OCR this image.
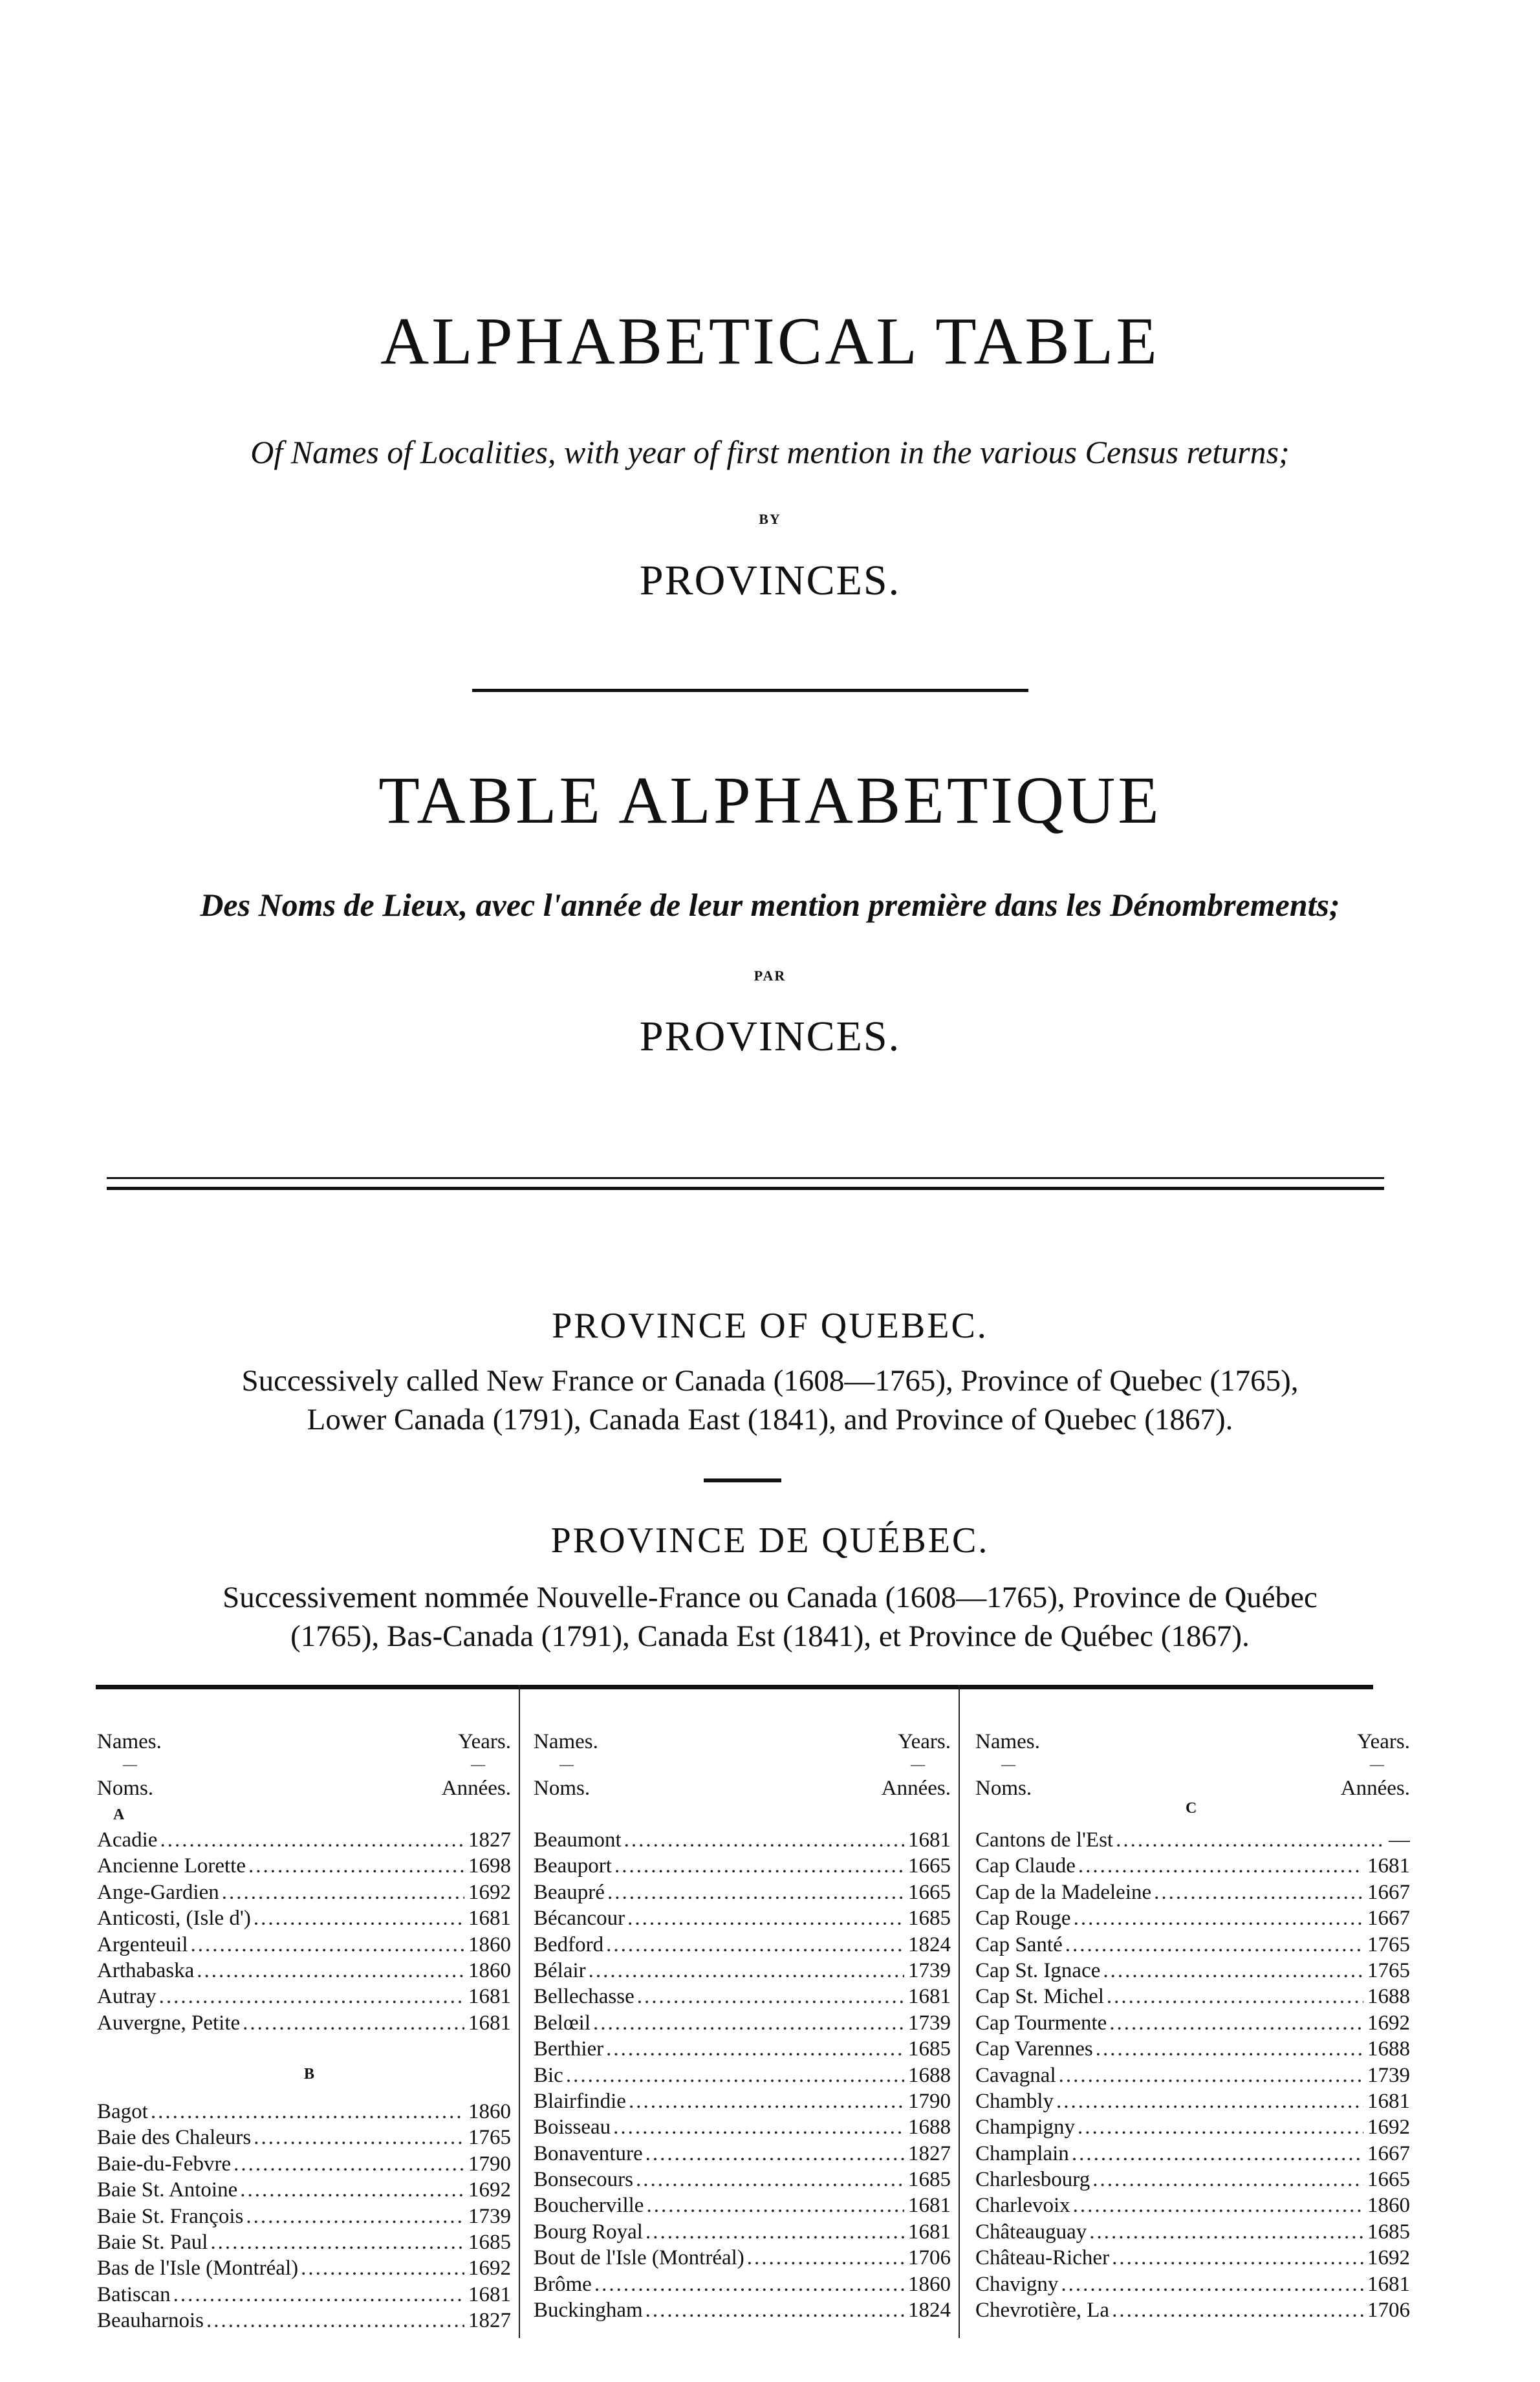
ALPHABETICAL TABLE
Of Names of Localities, with year of first mention in the various Census returns;
BY
PROVINCES.
TABLE ALPHABETIQUE
Des Noms de Lieux, avec l'année de leur mention première dans les Dénombrements;
PAR
PROVINCES.
PROVINCE OF QUEBEC.
Successively called New France or Canada (1608—1765), Province of Quebec (1765),
Lower Canada (1791), Canada East (1841), and Province of Quebec (1867).
PROVINCE DE QUÉBEC.
Successivement nommée Nouvelle-France ou Canada (1608—1765), Province de Québec
(1765), Bas-Canada (1791), Canada Est (1841), et Province de Québec (1867).
Names.	Years.
—	—
Noms.	Années.
A
Acadie .....	1827
Ancienne Lorette .....	1698
Ange-Gardien .....	1692
Anticosti, (Isle d') .....	1681
Argenteuil .....	1860
Arthabaska .....	1860
Autray .....	1681
Auvergne, Petite .....	1681
B
Bagot .....	1860
Baie des Chaleurs .....	1765
Baie-du-Febvre .....	1790
Baie St. Antoine .....	1692
Baie St. François .....	1739
Baie St. Paul .....	1685
Bas de l'Isle (Montréal) .....	1692
Batiscan .....	1681
Beauharnois .....	1827
Names.	Years.
—	—
Noms.	Années.
Beaumont .....	1681
Beauport .....	1665
Beaupré .....	1665
Bécancour .....	1685
Bedford .....	1824
Bélair .....	1739
Bellechasse .....	1681
Belœil .....	1739
Berthier .....	1685
Bic .....	1688
Blairfindie .....	1790
Boisseau .....	1688
Bonaventure .....	1827
Bonsecours .....	1685
Boucherville .....	1681
Bourg Royal .....	1681
Bout de l'Isle (Montréal) .....	1706
Brôme .....	1860
Buckingham .....	1824
Names.	Years.
—	—
Noms.	Années.
C
Cantons de l'Est .....	—
Cap Claude .....	1681
Cap de la Madeleine .....	1667
Cap Rouge .....	1667
Cap Santé .....	1765
Cap St. Ignace .....	1765
Cap St. Michel .....	1688
Cap Tourmente .....	1692
Cap Varennes .....	1688
Cavagnal .....	1739
Chambly .....	1681
Champigny .....	1692
Champlain .....	1667
Charlesbourg .....	1665
Charlevoix .....	1860
Châteauguay .....	1685
Château-Richer .....	1692
Chavigny .....	1681
Chevrotière, La .....	1706
